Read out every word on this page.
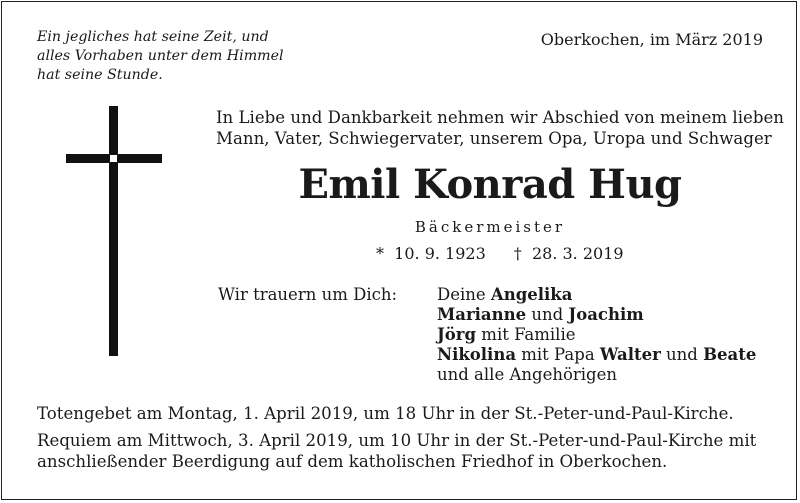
Ein jegliches hat seine Zeit, und
alles Vorhaben unter dem Himmel
hat seine Stunde.
Oberkochen, im März 2019
In Liebe und Dankbarkeit nehmen wir Abschied von meinem lieben
Mann, Vater, Schwiegervater, unserem Opa, Uropa und Schwager
Emil Konrad Hug
Bäckermeister
* 10. 9. 1923 † 28. 3. 2019
Wir trauern um Dich: Deine Angelika
Marianne und Joachim
Jörg mit Familie
Nikolina mit Papa Walter und Beate
und alle Angehörigen
Totengebet am Montag, 1. April 2019, um 18 Uhr in der St.-Peter-und-Paul-Kirche.
Requiem am Mittwoch, 3. April 2019, um 10 Uhr in der St.-Peter-und-Paul-Kirche mit
anschließender Beerdigung auf dem katholischen Friedhof in Oberkochen.
